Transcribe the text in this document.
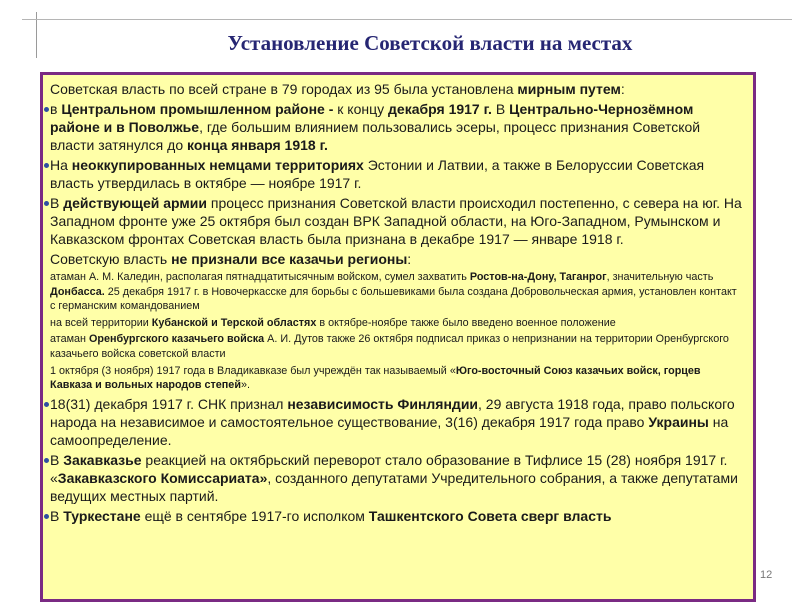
Установление Советской власти на местах

Советская власть по всей стране в 79 городах из 95 была установлена мирным путем:

в Центральном промышленном районе - к концу декабря 1917 г. В Центрально-Чернозёмном районе и в Поволжье, где большим влиянием пользовались эсеры, процесс признания Советской власти затянулся до конца января 1918 г.

На неоккупированных немцами территориях Эстонии и Латвии, а также в Белоруссии Советская власть утвердилась в октябре — ноябре 1917 г.

В действующей армии процесс признания Советской власти происходил постепенно, с севера на юг. На Западном фронте уже 25 октября был создан ВРК Западной области, на Юго-Западном, Румынском и Кавказском фронтах Советская власть была признана в декабре 1917 — январе 1918 г.

Советскую власть не признали все казачьи регионы:

▫ атаман А. М. Каледин, располагая пятнадцатитысячным войском, сумел захватить Ростов-на-Дону, Таганрог, значительную часть Донбасса. 25 декабря 1917 г. в Новочеркасске для борьбы с большевиками была создана Добровольческая армия, установлен контакт с германским командованием

▫ на всей территории Кубанской и Терской областях в октябре-ноябре также было введено военное положение

▫ атаман Оренбургского казачьего войска А. И. Дутов также 26 октября подписал приказ о непризнании на территории Оренбургского казачьего войска советской власти

▫ 1 октября (3 ноября) 1917 года в Владикавказе был учреждён так называемый «Юго-восточный Союз казачьих войск, горцев Кавказа и вольных народов степей».

18(31) декабря 1917 г. СНК признал независимость Финляндии, 29 августа 1918 года, право польского народа на независимое и самостоятельное существование, 3(16) декабря 1917 года право Украины на самоопределение.

В Закавказье реакцией на октябрьский переворот стало образование в Тифлисе 15 (28) ноября 1917 г. «Закавказского Комиссариата», созданного депутатами Учредительного собрания, а также депутатами ведущих местных партий.

В Туркестане ещё в сентябре 1917-го исполком Ташкентского Совета сверг власть

12
